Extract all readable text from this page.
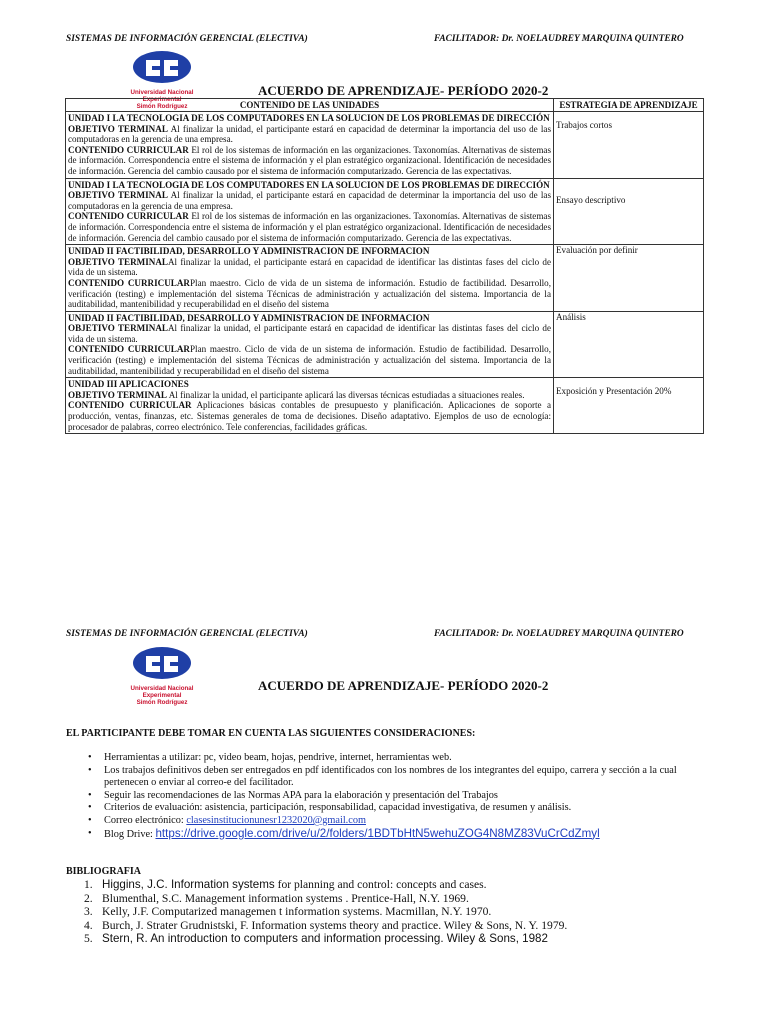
SISTEMAS DE INFORMACIÓN GERENCIAL (ELECTIVA)	FACILITADOR: Dr. NOELAUDREY MARQUINA QUINTERO
Universidad Nacional Experimental
Simón Rodríguez
ACUERDO DE APRENDIZAJE- PERÍODO 2020-2
CONTENIDO DE LAS UNIDADES	ESTRATEGIA DE APRENDIZAJE

UNIDAD I LA TECNOLOGIA DE LOS COMPUTADORES EN LA SOLUCION DE LOS PROBLEMAS DE DIRECCIÓN
OBJETIVO TERMINAL Al finalizar la unidad, el participante estará en capacidad de determinar la importancia del uso de las computadoras en la gerencia de una empresa.
CONTENIDO CURRICULAR El rol de los sistemas de información en las organizaciones. Taxonomías. Alternativas de sistemas de información. Correspondencia entre el sistema de información y el plan estratégico organizacional. Identificación de necesidades de información. Gerencia del cambio causado por el sistema de información computarizado. Gerencia de las expectativas.	Trabajos cortos

UNIDAD I LA TECNOLOGIA DE LOS COMPUTADORES EN LA SOLUCION DE LOS PROBLEMAS DE DIRECCIÓN
OBJETIVO TERMINAL Al finalizar la unidad, el participante estará en capacidad de determinar la importancia del uso de las computadoras en la gerencia de una empresa.
CONTENIDO CURRICULAR El rol de los sistemas de información en las organizaciones. Taxonomías. Alternativas de sistemas de información. Correspondencia entre el sistema de información y el plan estratégico organizacional. Identificación de necesidades de información. Gerencia del cambio causado por el sistema de información computarizado. Gerencia de las expectativas.	Ensayo descriptivo

UNIDAD II FACTIBILIDAD, DESARROLLO Y ADMINISTRACION DE INFORMACION
OBJETIVO TERMINALAl finalizar la unidad, el participante estará en capacidad de identificar las distintas fases del ciclo de vida de un sistema.
CONTENIDO CURRICULARPlan maestro. Ciclo de vida de un sistema de información. Estudio de factibilidad. Desarrollo, verificación (testing) e implementación del sistema Técnicas de administración y actualización del sistema. Importancia de la auditabilidad, mantenibilidad y recuperabilidad en el diseño del sistema	Evaluación por definir

UNIDAD II FACTIBILIDAD, DESARROLLO Y ADMINISTRACION DE INFORMACION
OBJETIVO TERMINALAl finalizar la unidad, el participante estará en capacidad de identificar las distintas fases del ciclo de vida de un sistema.
CONTENIDO CURRICULARPlan maestro. Ciclo de vida de un sistema de información. Estudio de factibilidad. Desarrollo, verificación (testing) e implementación del sistema Técnicas de administración y actualización del sistema. Importancia de la auditabilidad, mantenibilidad y recuperabilidad en el diseño del sistema	Análisis

UNIDAD III APLICACIONES
OBJETIVO TERMINAL Al finalizar la unidad, el participante aplicará las diversas técnicas estudiadas a situaciones reales.
CONTENIDO CURRICULAR Aplicaciones básicas contables de presupuesto y planificación. Aplicaciones de soporte a producción, ventas, finanzas, etc. Sistemas generales de toma de decisiones. Diseño adaptativo. Ejemplos de uso de ecnología: procesador de palabras, correo electrónico. Tele conferencias, facilidades gráficas.	Exposición y Presentación 20%
SISTEMAS DE INFORMACIÓN GERENCIAL (ELECTIVA)	FACILITADOR: Dr. NOELAUDREY MARQUINA QUINTERO
Universidad Nacional Experimental
Simón Rodríguez
ACUERDO DE APRENDIZAJE- PERÍODO 2020-2
EL PARTICIPANTE DEBE TOMAR EN CUENTA LAS SIGUIENTES CONSIDERACIONES:
• Herramientas a utilizar: pc, video beam, hojas, pendrive, internet, herramientas web.
• Los trabajos definitivos deben ser entregados en pdf identificados con los nombres de los integrantes del equipo, carrera y sección a la cual pertenecen o enviar al correo-e del facilitador.
• Seguir las recomendaciones de las Normas APA para la elaboración y presentación del Trabajos
• Criterios de evaluación: asistencia, participación, responsabilidad, capacidad investigativa, de resumen y análisis.
• Correo electrónico: clasesinstitucionunesr1232020@gmail.com
• Blog Drive: https://drive.google.com/drive/u/2/folders/1BDTbHtN5wehuZOG4N8MZ83VuCrCdZmyl
BIBLIOGRAFIA
1. Higgins, J.C. Information systems for planning and control: concepts and cases.
2. Blumenthal, S.C. Management information systems . Prentice-Hall, N.Y. 1969.
3. Kelly, J.F. Computarized managemen t information systems. Macmillan, N.Y. 1970.
4. Burch, J. Strater Grudnistski, F. Information systems theory and practice. Wiley & Sons, N. Y. 1979.
5. Stern, R. An introduction to computers and information processing. Wiley & Sons, 1982
